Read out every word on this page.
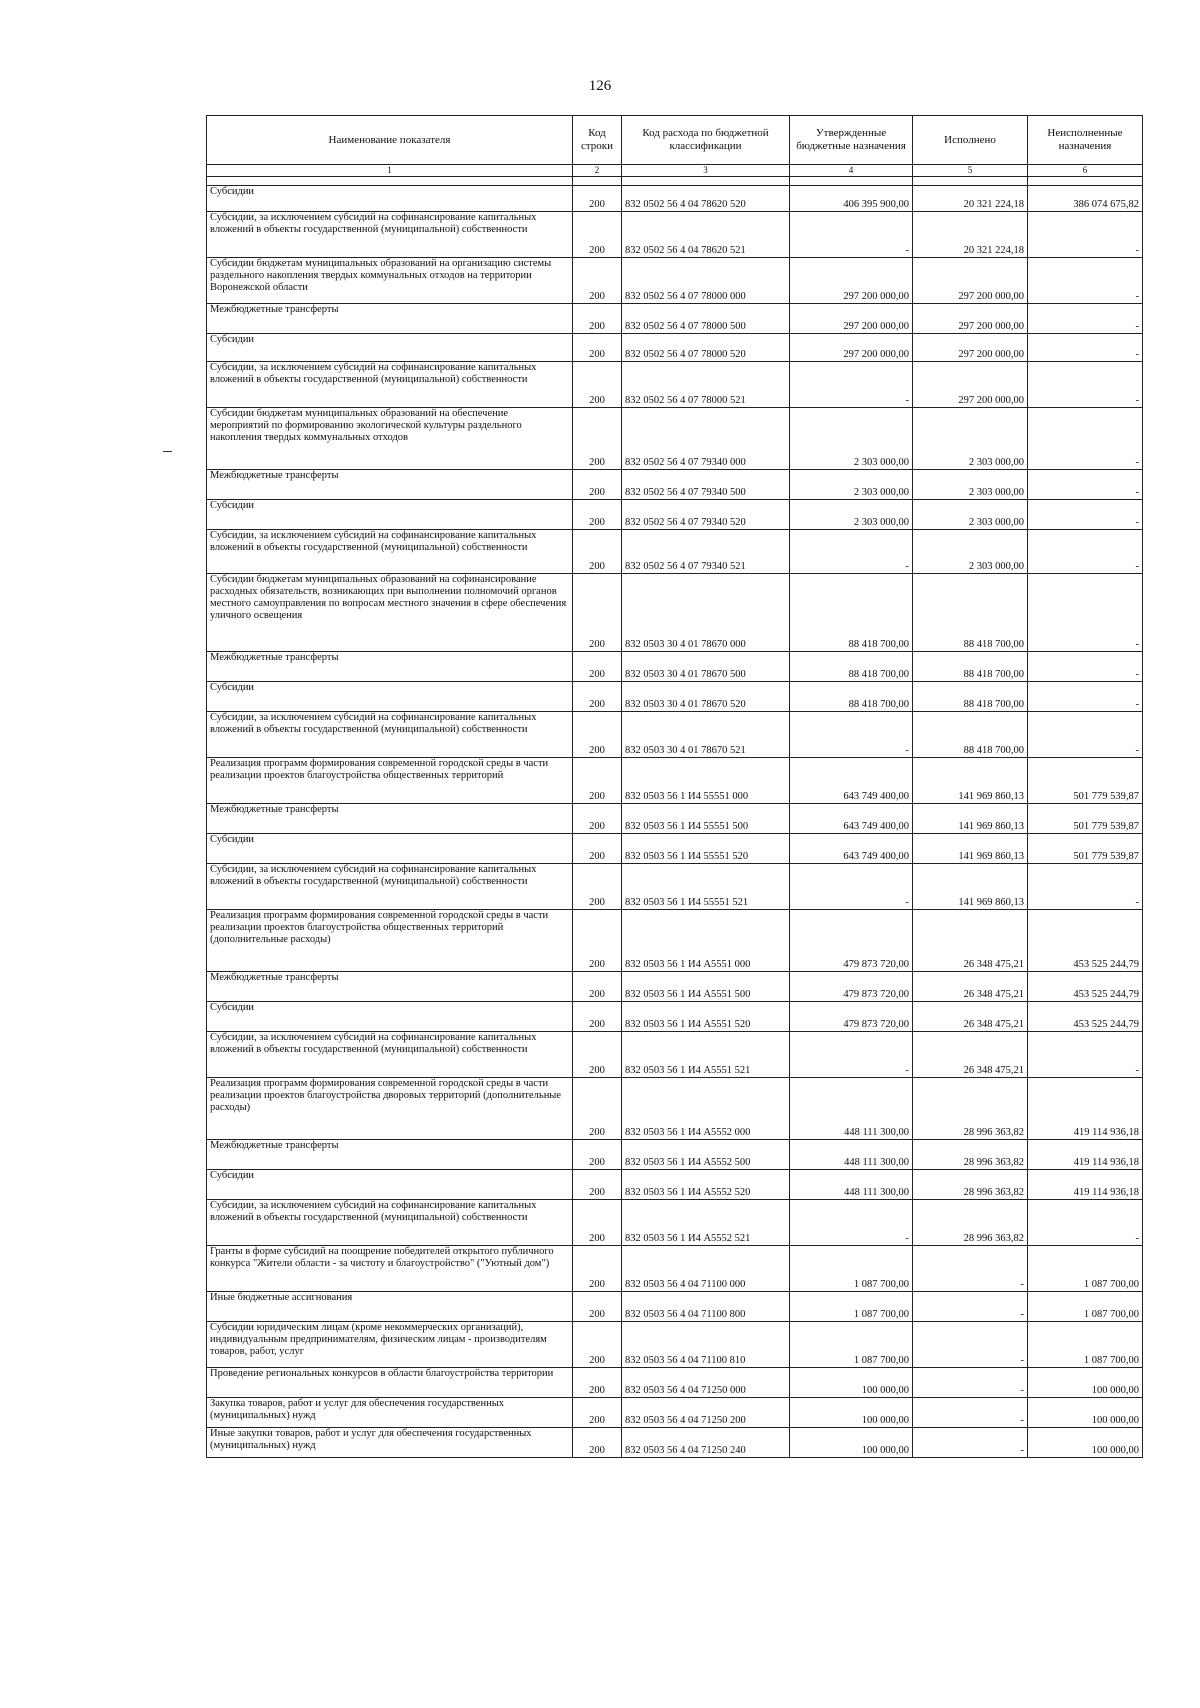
126
Наименование показателя	Код строки	Код расхода по бюджетной классификации	Утвержденные бюджетные назначения	Исполнено	Неисполненные назначения
1	2	3	4	5	6

Субсидии	200	832 0502 56 4 04 78620 520	406 395 900,00	20 321 224,18	386 074 675,82
Субсидии, за исключением субсидий на софинансирование капитальных вложений в объекты государственной (муниципальной) собственности	200	832 0502 56 4 04 78620 521	-	20 321 224,18	-
Субсидии бюджетам муниципальных образований на организацию системы раздельного накопления твердых коммунальных отходов на территории Воронежской области	200	832 0502 56 4 07 78000 000	297 200 000,00	297 200 000,00	-
Межбюджетные трансферты	200	832 0502 56 4 07 78000 500	297 200 000,00	297 200 000,00	-
Субсидии	200	832 0502 56 4 07 78000 520	297 200 000,00	297 200 000,00	-
Субсидии, за исключением субсидий на софинансирование капитальных вложений в объекты государственной (муниципальной) собственности	200	832 0502 56 4 07 78000 521	-	297 200 000,00	-
Субсидии бюджетам муниципальных образований на обеспечение мероприятий по формированию экологической культуры раздельного накопления твердых коммунальных отходов	200	832 0502 56 4 07 79340 000	2 303 000,00	2 303 000,00	-
Межбюджетные трансферты	200	832 0502 56 4 07 79340 500	2 303 000,00	2 303 000,00	-
Субсидии	200	832 0502 56 4 07 79340 520	2 303 000,00	2 303 000,00	-
Субсидии, за исключением субсидий на софинансирование капитальных вложений в объекты государственной (муниципальной) собственности	200	832 0502 56 4 07 79340 521	-	2 303 000,00	-
Субсидии бюджетам муниципальных образований на софинансирование расходных обязательств, возникающих при выполнении полномочий органов местного самоуправления по вопросам местного значения в сфере обеспечения уличного освещения	200	832 0503 30 4 01 78670 000	88 418 700,00	88 418 700,00	-
Межбюджетные трансферты	200	832 0503 30 4 01 78670 500	88 418 700,00	88 418 700,00	-
Субсидии	200	832 0503 30 4 01 78670 520	88 418 700,00	88 418 700,00	-
Субсидии, за исключением субсидий на софинансирование капитальных вложений в объекты государственной (муниципальной) собственности	200	832 0503 30 4 01 78670 521	-	88 418 700,00	-
Реализация программ формирования современной городской среды в части реализации проектов благоустройства общественных территорий	200	832 0503 56 1 И4 55551 000	643 749 400,00	141 969 860,13	501 779 539,87
Межбюджетные трансферты	200	832 0503 56 1 И4 55551 500	643 749 400,00	141 969 860,13	501 779 539,87
Субсидии	200	832 0503 56 1 И4 55551 520	643 749 400,00	141 969 860,13	501 779 539,87
Субсидии, за исключением субсидий на софинансирование капитальных вложений в объекты государственной (муниципальной) собственности	200	832 0503 56 1 И4 55551 521	-	141 969 860,13	-
Реализация программ формирования современной городской среды в части реализации проектов благоустройства общественных территорий (дополнительные расходы)	200	832 0503 56 1 И4 А5551 000	479 873 720,00	26 348 475,21	453 525 244,79
Межбюджетные трансферты	200	832 0503 56 1 И4 А5551 500	479 873 720,00	26 348 475,21	453 525 244,79
Субсидии	200	832 0503 56 1 И4 А5551 520	479 873 720,00	26 348 475,21	453 525 244,79
Субсидии, за исключением субсидий на софинансирование капитальных вложений в объекты государственной (муниципальной) собственности	200	832 0503 56 1 И4 А5551 521	-	26 348 475,21	-
Реализация программ формирования современной городской среды в части реализации проектов благоустройства дворовых территорий (дополнительные расходы)	200	832 0503 56 1 И4 А5552 000	448 111 300,00	28 996 363,82	419 114 936,18
Межбюджетные трансферты	200	832 0503 56 1 И4 А5552 500	448 111 300,00	28 996 363,82	419 114 936,18
Субсидии	200	832 0503 56 1 И4 А5552 520	448 111 300,00	28 996 363,82	419 114 936,18
Субсидии, за исключением субсидий на софинансирование капитальных вложений в объекты государственной (муниципальной) собственности	200	832 0503 56 1 И4 А5552 521	-	28 996 363,82	-
Гранты в форме субсидий на поощрение победителей открытого публичного конкурса "Жители области - за чистоту и благоустройство" ("Уютный дом")	200	832 0503 56 4 04 71100 000	1 087 700,00	-	1 087 700,00
Иные бюджетные ассигнования	200	832 0503 56 4 04 71100 800	1 087 700,00	-	1 087 700,00
Субсидии юридическим лицам (кроме некоммерческих организаций), индивидуальным предпринимателям, физическим лицам - производителям товаров, работ, услуг	200	832 0503 56 4 04 71100 810	1 087 700,00	-	1 087 700,00
Проведение региональных конкурсов в области благоустройства территории	200	832 0503 56 4 04 71250 000	100 000,00	-	100 000,00
Закупка товаров, работ и услуг для обеспечения государственных (муниципальных) нужд	200	832 0503 56 4 04 71250 200	100 000,00	-	100 000,00
Иные закупки товаров, работ и услуг для обеспечения государственных (муниципальных) нужд	200	832 0503 56 4 04 71250 240	100 000,00	-	100 000,00
